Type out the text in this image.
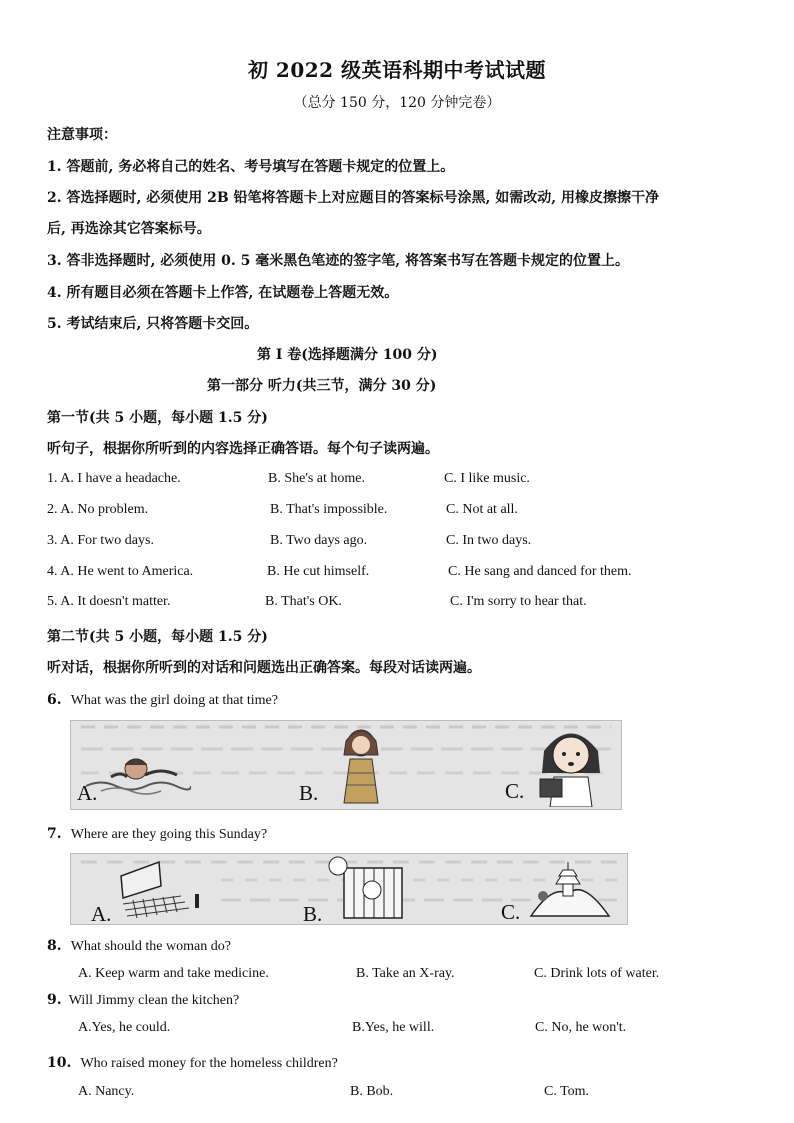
初 2022 级英语科期中考试试题
（总分 150 分，120 分钟完卷）
注意事项：
1. 答题前, 务必将自己的姓名、考号填写在答题卡规定的位置上。
2. 答选择题时, 必须使用 2B 铅笔将答题卡上对应题目的答案标号涂黑, 如需改动, 用橡皮擦擦干净
后, 再选涂其它答案标号。
3. 答非选择题时, 必须使用 0. 5 毫米黑色笔迹的签字笔, 将答案书写在答题卡规定的位置上。
4. 所有题目必须在答题卡上作答, 在试题卷上答题无效。
5. 考试结束后, 只将答题卡交回。
第 I 卷(选择题满分 100 分)
第一部分 听力(共三节，满分 30 分)
第一节(共 5 小题，每小题 1.5 分)
听句子，根据你所听到的内容选择正确答语。每个句子读两遍。
1. A. I have a headache.	B. She's at home.	C. I like music.
2. A. No problem.	B. That's impossible.	C. Not at all.
3. A. For two days.	B. Two days ago.	C. In two days.
4. A. He went to America.	B. He cut himself.	C. He sang and danced for them.
5. A. It doesn't matter.	B. That's OK.	C. I'm sorry to hear that.
第二节(共 5 小题，每小题 1.5 分)
听对话，根据你所听到的对话和问题选出正确答案。每段对话读两遍。
6. What was the girl doing at that time?
A.	B.	C.
7. Where are they going this Sunday?
A.	B.	C.
8. What should the woman do?
A. Keep warm and take medicine.	B. Take an X-ray.	C. Drink lots of water.
9. Will Jimmy clean the kitchen?
A.Yes, he could.	B.Yes, he will.	C. No, he won't.
10. Who raised money for the homeless children?
A. Nancy.	B. Bob.	C. Tom.
